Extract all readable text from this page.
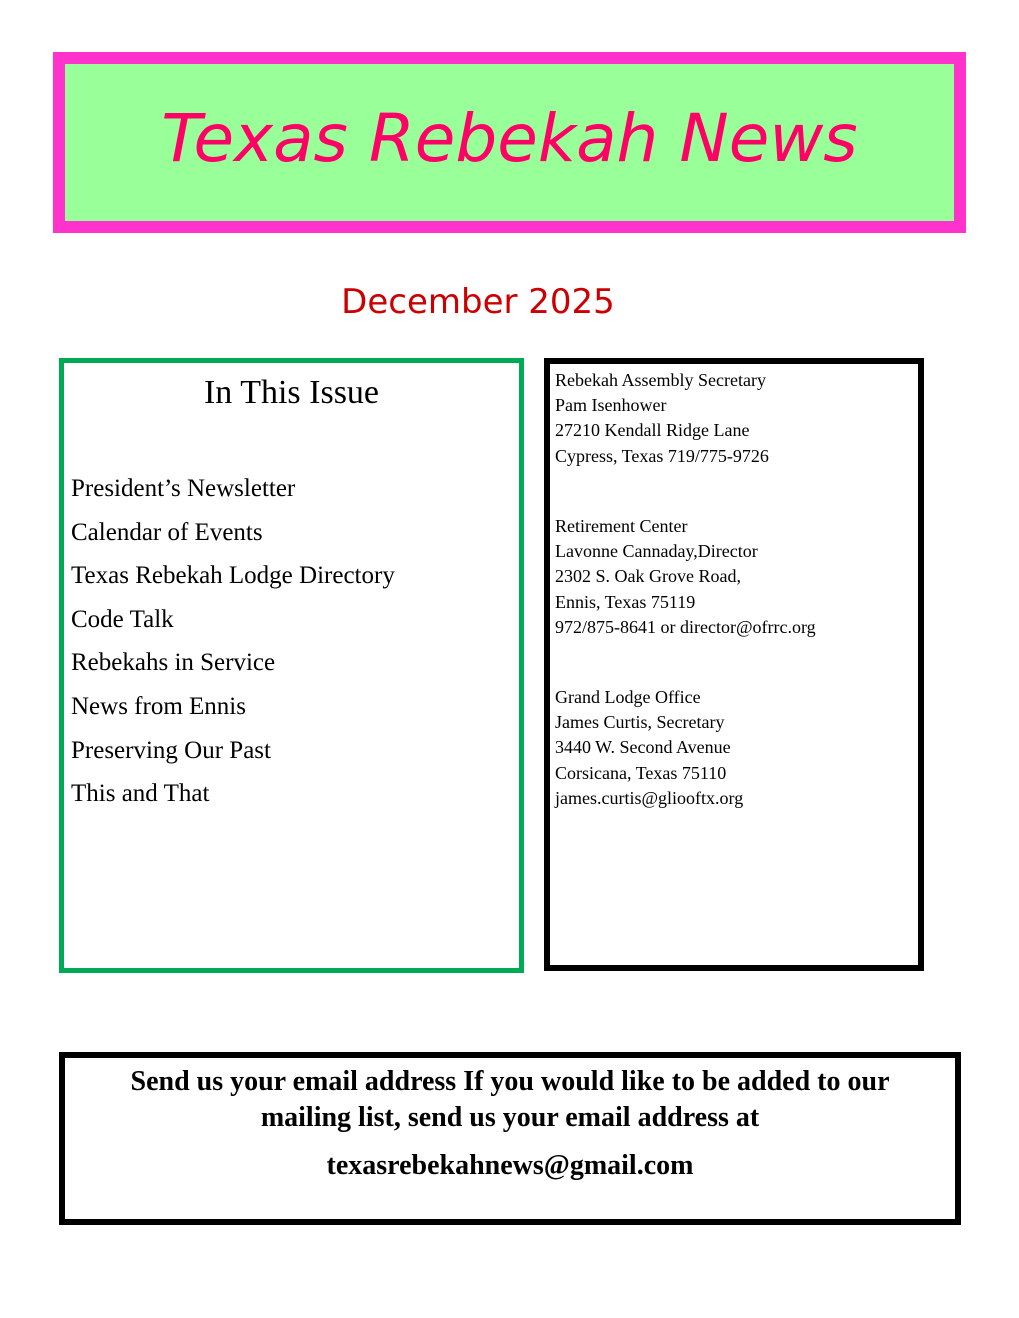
Texas Rebekah News
December 2025
In This Issue
President’s Newsletter
Calendar of Events
Texas Rebekah Lodge Directory
Code Talk
Rebekahs in Service
News from Ennis
Preserving Our Past
This and That

Rebekah Assembly Secretary
Pam Isenhower
27210 Kendall Ridge Lane
Cypress, Texas 719/775-9726

Retirement Center
Lavonne Cannaday,Director
2302 S. Oak Grove Road,
Ennis, Texas 75119
972/875-8641 or director@ofrrc.org

Grand Lodge Office
James Curtis, Secretary
3440 W. Second Avenue
Corsicana, Texas 75110
james.curtis@gliooftx.org

Send us your email address If you would like to be added to our mailing list, send us your email address at
texasrebekahnews@gmail.com
